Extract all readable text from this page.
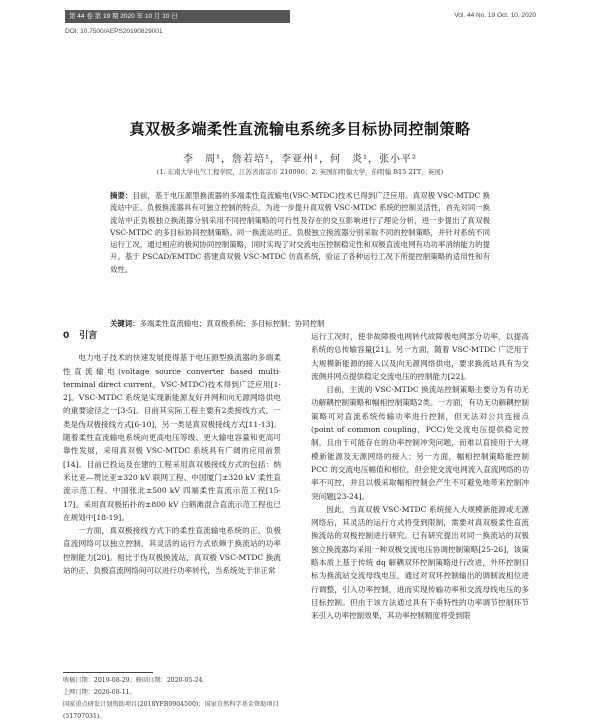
第 44 卷 第 19 期 2020 年 10 月 10 日	Vol. 44 No. 19 Oct. 10, 2020
DOI: 10.7500/AEPS20190829001
真双极多端柔性直流输电系统多目标协同控制策略
李　周¹，詹若培¹，李亚州¹，何　炎¹，张小平²
(1. 东南大学电气工程学院，江苏省南京市 210096；2. 英国伯明翰大学，伯明翰 B15 2TT，英国)
摘要：目前，基于电压源型换流器的多端柔性直流输电(VSC-MTDC)技术已得到广泛应用。真双极 VSC-MTDC 换流站中正、负极换流器具有可独立控制的特点，为进一步提升真双极 VSC-MTDC 系统的控制灵活性，首先对同一换流站中正负极独立换流器分别采用不同控制策略的可行性及存在的交互影响进行了理论分析，进一步提出了真双极 VSC-MTDC 的多目标协同控制策略。同一换流站的正、负极独立换流器分别采取不同的控制策略，并针对系统不同运行工况，通过相应的极间协同控制策略，同时实现了对交流电压控制稳定性和双极直流电网有功功率消纳能力的提升。基于 PSCAD/EMTDC 搭建真双极 VSC-MTDC 仿真系统，验证了各种运行工况下所提控制策略的适用性和有效性。
关键词：多端柔性直流输电；真双极系统；多目标控制；协同控制
0 引言

电力电子技术的快速发展使得基于电压源型换流器的多端柔性直流输电(voltage source converter based multi-terminal direct current，VSC-MTDC)技术得到广泛应用[1-2]。VSC-MTDC 系统是实现新能源友好并网和向无源网络供电的重要途径之一[3-5]。目前其实际工程主要有2类接线方式，一类是伪双极接线方式[6-10]，另一类是真双极接线方式[11-13]。随着柔性直流输电系统向更高电压等级、更大输电容量和更高可靠性发展，采用真双极 VSC-MTDC 系统具有广阔的应用前景[14]。目前已投运及在建的工程采用真双极接线方式的包括：纳米比亚—赞比亚±320 kV 联网工程、中国厦门±320 kV 柔性直流示范工程、中国张北±500 kV 四端柔性直流示范工程[15-17]。采用真双极拓扑的±800 kV 白鹤滩混合直流示范工程也已在规划中[18-19]。

一方面，真双极接线方式下的柔性直流输电系统的正、负极直流网络可以独立控制，其灵活的运行方式依赖于换流站的功率控制能力[20]。相比于伪双极换流站，真双极 VSC-MTDC 换流站的正、负极直流网络间可以进行功率转代，当系统处于非正常

运行工况时，使非故障极电网转代故障极电网部分功率，以提高系统的总传输容量[21]。另一方面，随着 VSC-MTDC 广泛用于大规模新能源的接入以及向无源网络供电，要求换流站具有为交流侧并网点提供稳定交流电压的控制能力[22]。

目前，主流的 VSC-MTDC 换流站控制策略主要分为有功无功解耦控制策略和幅相控制策略2类。一方面，有功无功解耦控制策略可对直流系统传输功率进行控制，但无法对公共连接点(point of common coupling，PCC)处交流电压提供稳定控制，且由于可能存在的功率控制冲突问题，而难以直接用于大规模新能源及无源网络的接入；另一方面，幅相控制策略能控制 PCC 的交流电压幅值和相位，但会使交流电网流入直流网络的功率不可控，并且以极采取幅相控制会产生不可避免地带来控制冲突问题[23-24]。

因此，当真双极 VSC-MTDC 系统接入大规模新能源或无源网络后，其灵活的运行方式将受到限制，需要对真双极柔性直流换流站的双极控制进行研究。已有研究提出对同一换流站的双极独立换流器均采用一种双极交流电压协调控制策略[25-26]，该策略本质上基于传统 dq 解耦双环控制策略进行改进，外环控制目标为换流站交流母线电压，通过对双环控制输出的调制波相位进行调整，引入功率控制，进而实现传输功率和交流母线电压的多目标控制。但由于该方法通过具有下垂特性的功率调节控制环节来引入功率控制效果，其功率控制精度将受到限

收稿日期：2019-08-29；修回日期：2020-05-24。
上网日期：2020-08-11。
国家重点研发计划资助项目(2018YFB0904500)；国家自然科学基金资助项目(51707031)。
